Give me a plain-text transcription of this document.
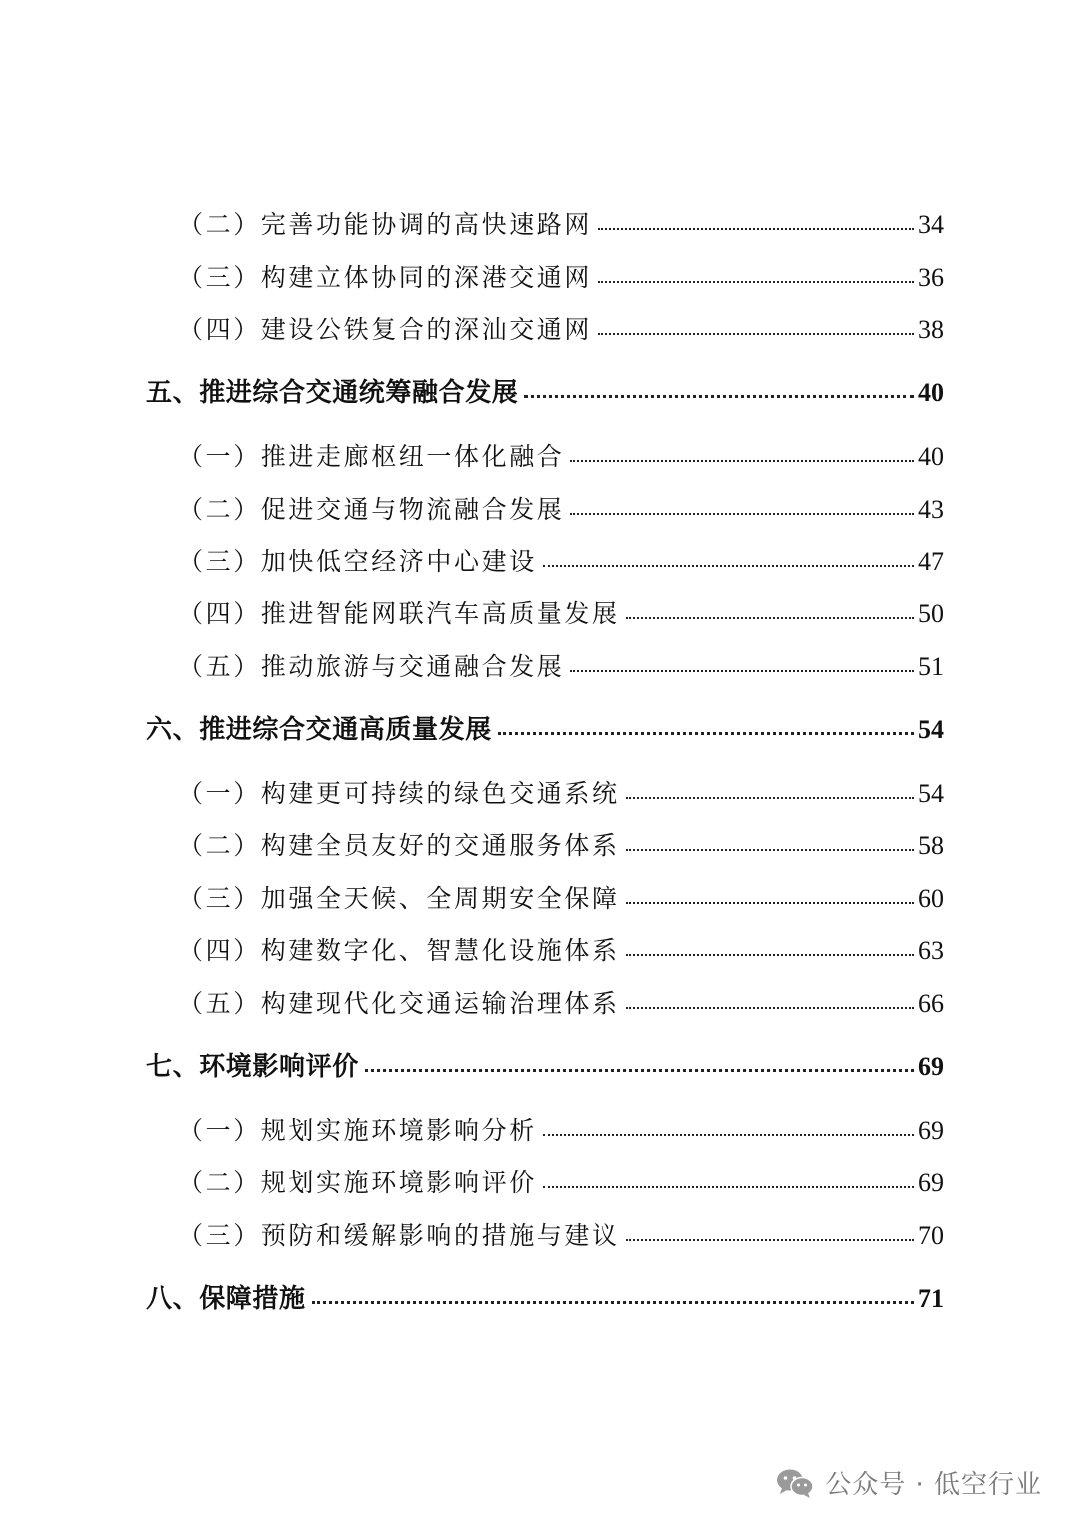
（二）完善功能协调的高快速路网	34
（三）构建立体协同的深港交通网	36
（四）建设公铁复合的深汕交通网	38
五、推进综合交通统筹融合发展	40
（一）推进走廊枢纽一体化融合	40
（二）促进交通与物流融合发展	43
（三）加快低空经济中心建设	47
（四）推进智能网联汽车高质量发展	50
（五）推动旅游与交通融合发展	51
六、推进综合交通高质量发展	54
（一）构建更可持续的绿色交通系统	54
（二）构建全员友好的交通服务体系	58
（三）加强全天候、全周期安全保障	60
（四）构建数字化、智慧化设施体系	63
（五）构建现代化交通运输治理体系	66
七、环境影响评价	69
（一）规划实施环境影响分析	69
（二）规划实施环境影响评价	69
（三）预防和缓解影响的措施与建议	70
八、保障措施	71
公众号 · 低空行业
